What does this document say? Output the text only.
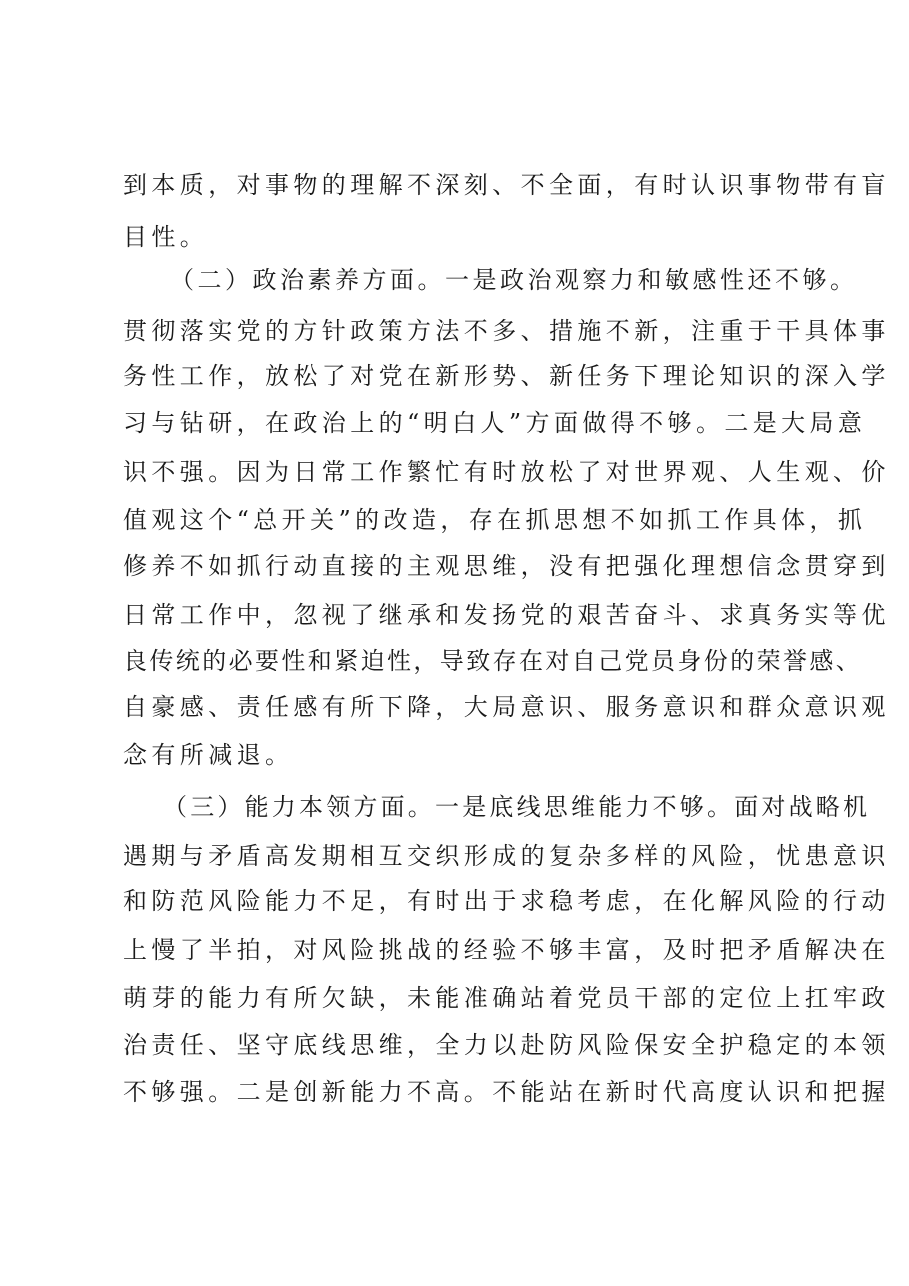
到本质，对事物的理解不深刻、不全面，有时认识事物带有盲
目性。
（二）政治素养方面。一是政治观察力和敏感性还不够。
贯彻落实党的方针政策方法不多、措施不新，注重于干具体事
务性工作，放松了对党在新形势、新任务下理论知识的深入学
习与钻研，在政治上的“明白人”方面做得不够。二是大局意
识不强。因为日常工作繁忙有时放松了对世界观、人生观、价
值观这个“总开关”的改造，存在抓思想不如抓工作具体，抓
修养不如抓行动直接的主观思维，没有把强化理想信念贯穿到
日常工作中，忽视了继承和发扬党的艰苦奋斗、求真务实等优
良传统的必要性和紧迫性，导致存在对自己党员身份的荣誉感、
自豪感、责任感有所下降，大局意识、服务意识和群众意识观
念有所减退。
（三）能力本领方面。一是底线思维能力不够。面对战略机
遇期与矛盾高发期相互交织形成的复杂多样的风险，忧患意识
和防范风险能力不足，有时出于求稳考虑，在化解风险的行动
上慢了半拍，对风险挑战的经验不够丰富，及时把矛盾解决在
萌芽的能力有所欠缺，未能准确站着党员干部的定位上扛牢政
治责任、坚守底线思维，全力以赴防风险保安全护稳定的本领
不够强。二是创新能力不高。不能站在新时代高度认识和把握
